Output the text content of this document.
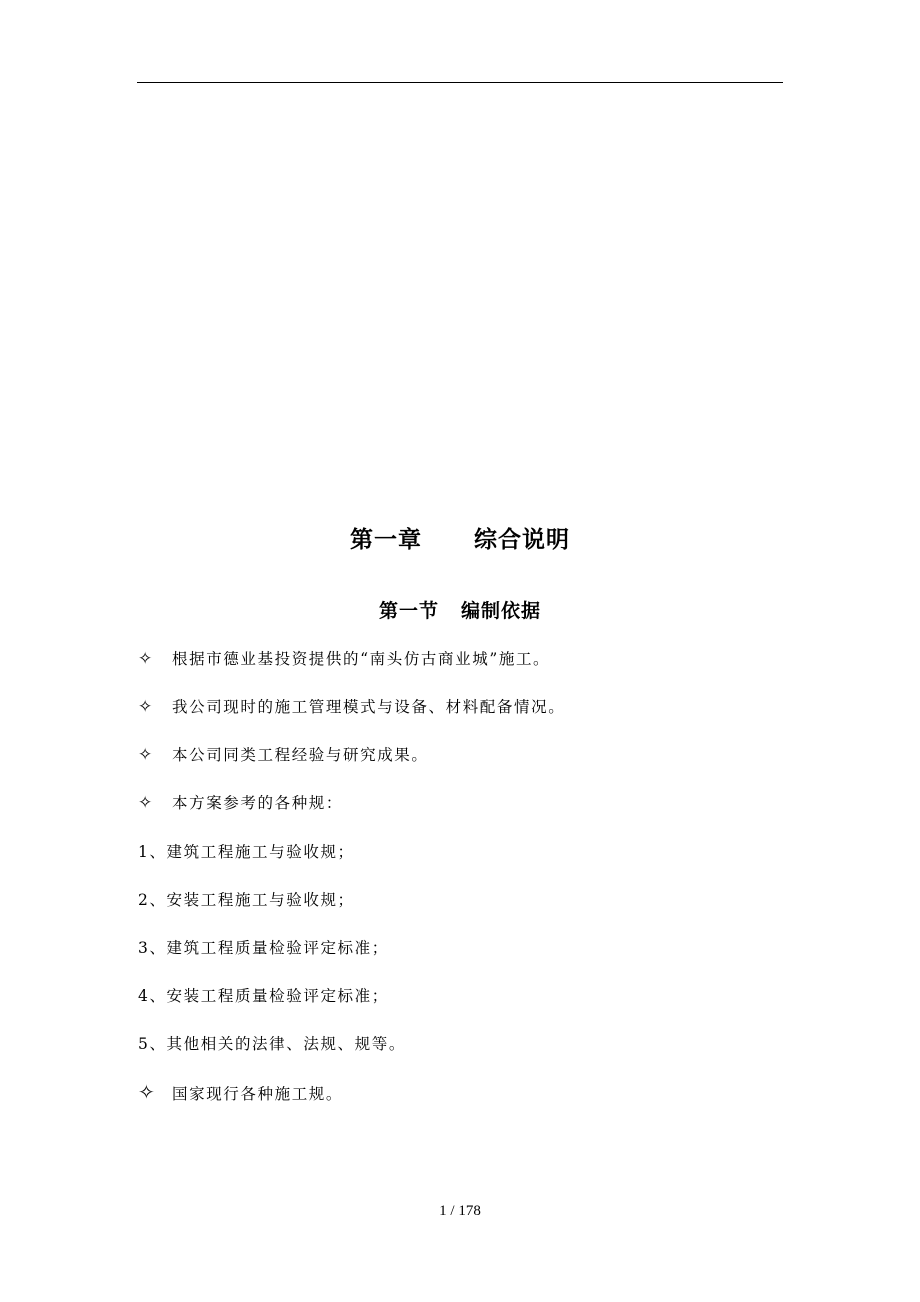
第一章 综合说明
第一节 编制依据
✧ 根据市德业基投资提供的“南头仿古商业城”施工。
✧ 我公司现时的施工管理模式与设备、材料配备情况。
✧ 本公司同类工程经验与研究成果。
✧ 本方案参考的各种规：
1、建筑工程施工与验收规；
2、安装工程施工与验收规；
3、建筑工程质量检验评定标准；
4、安装工程质量检验评定标准；
5、其他相关的法律、法规、规等。
✧ 国家现行各种施工规。
1 / 178
